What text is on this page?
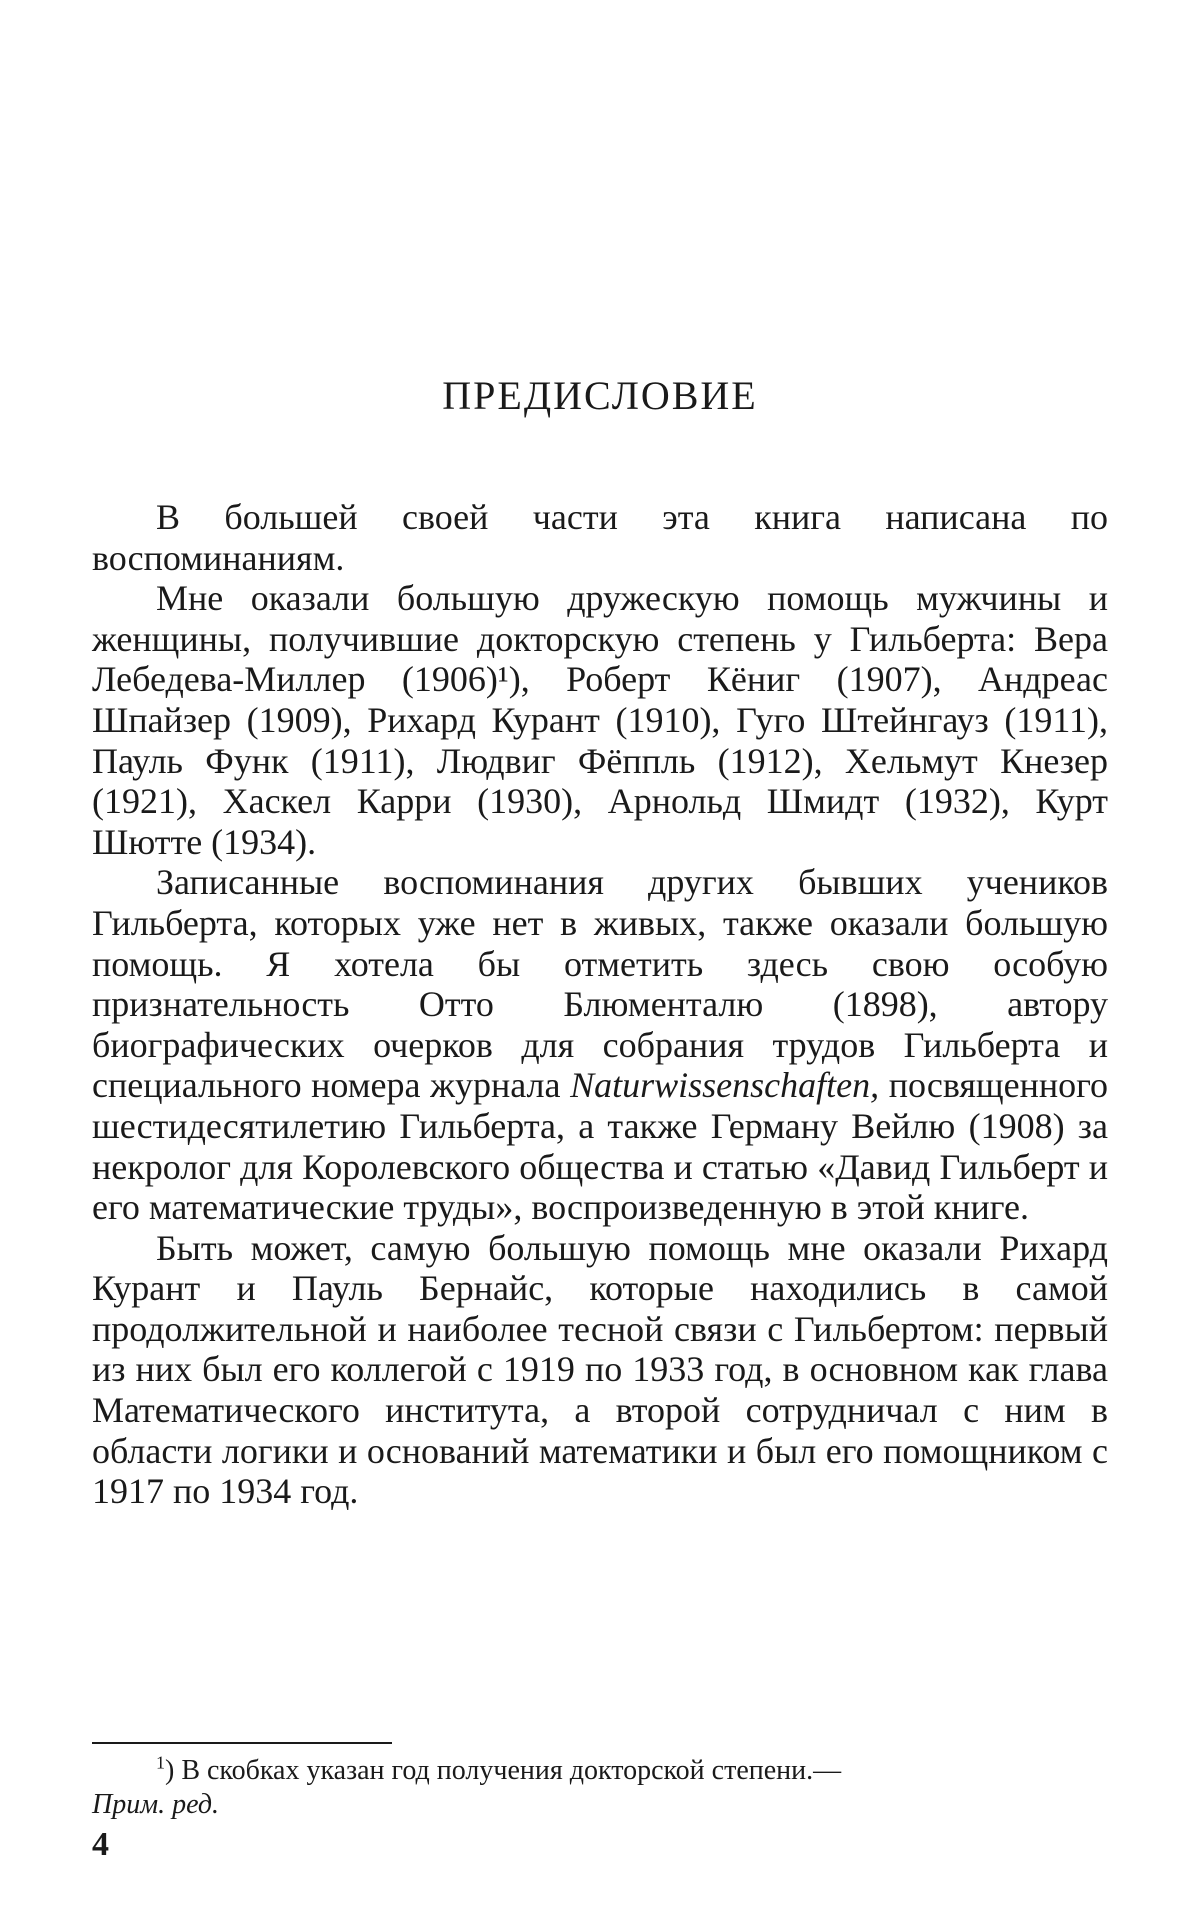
ПРЕДИСЛОВИЕ

В большей своей части эта книга написана по воспоминаниям.

Мне оказали большую дружескую помощь мужчины и женщины, получившие докторскую степень у Гильберта: Вера Лебедева-Миллер (1906)¹), Роберт Кёниг (1907), Андреас Шпайзер (1909), Рихард Курант (1910), Гуго Штейнгауз (1911), Пауль Функ (1911), Людвиг Фёппль (1912), Хельмут Кнезер (1921), Хаскел Карри (1930), Арнольд Шмидт (1932), Курт Шютте (1934).

Записанные воспоминания других бывших учеников Гильберта, которых уже нет в живых, также оказали большую помощь. Я хотела бы отметить здесь свою особую признательность Отто Блюменталю (1898), автору биографических очерков для собрания трудов Гильберта и специального номера журнала Naturwissenschaften, посвященного шестидесятилетию Гильберта, а также Герману Вейлю (1908) за некролог для Королевского общества и статью «Давид Гильберт и его математические труды», воспроизведенную в этой книге.

Быть может, самую большую помощь мне оказали Рихард Курант и Пауль Бернайс, которые находились в самой продолжительной и наиболее тесной связи с Гильбертом: первый из них был его коллегой с 1919 по 1933 год, в основном как глава Математического института, а второй сотрудничал с ним в области логики и оснований математики и был его помощником с 1917 по 1934 год.

$^1$) В скобках указан год получения докторской степени.—
Прим. ред.
4
